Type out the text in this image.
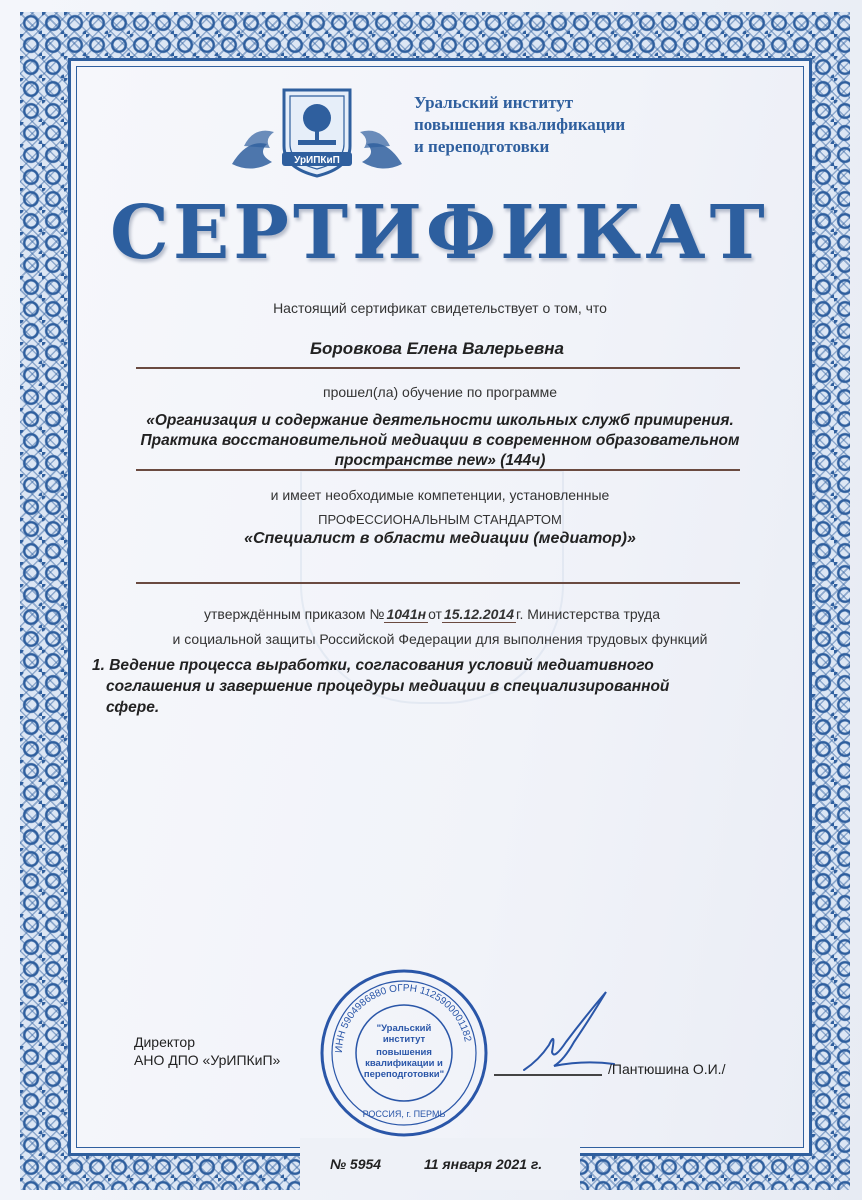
УрИПКиП
Уральский институт
повышения квалификации
и переподготовки
СЕРТИФИКАТ
Настоящий сертификат свидетельствует о том, что
Боровкова Елена Валерьевна
прошел(ла) обучение по программе
«Организация и содержание деятельности школьных служб примирения.
Практика восстановительной медиации в современном образовательном
пространстве new» (144ч)
и имеет необходимые компетенции, установленные
ПРОФЕССИОНАЛЬНЫМ СТАНДАРТОМ
«Специалист в области медиации (медиатор)»
утверждённым приказом № 1041н от 15.12.2014 г. Министерства труда
и социальной защиты Российской Федерации для выполнения трудовых функций
1. Ведение процесса выработки, согласования условий медиативного
соглашения и завершение процедуры медиации в специализированной
сфере.
Директор
АНО ДПО «УрИПКиП»
ИНН 5904986880 ОГРН 1125900001182
"Уральский
институт
повышения
квалификации и
переподготовки"
РОССИЯ, г. ПЕРМЬ
/Пантюшина О.И./
№ 5954	11 января 2021 г.
